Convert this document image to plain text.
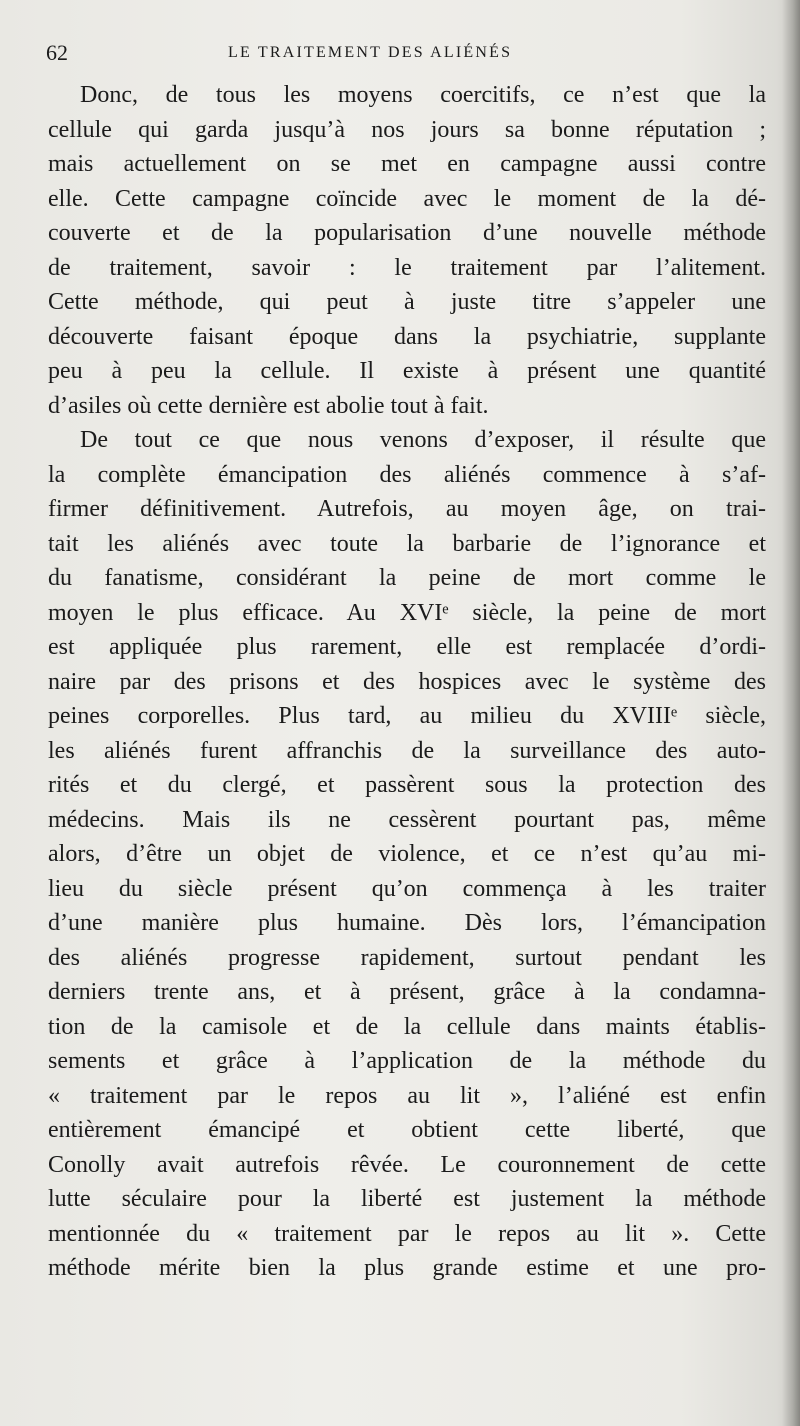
62	LE TRAITEMENT DES ALIÉNÉS
Donc, de tous les moyens coercitifs, ce n’est que la
cellule qui garda jusqu’à nos jours sa bonne réputation ;
mais actuellement on se met en campagne aussi contre
elle. Cette campagne coïncide avec le moment de la dé-
couverte et de la popularisation d’une nouvelle méthode
de traitement, savoir : le traitement par l’alitement.
Cette méthode, qui peut à juste titre s’appeler une
découverte faisant époque dans la psychiatrie, supplante
peu à peu la cellule. Il existe à présent une quantité
d’asiles où cette dernière est abolie tout à fait.
De tout ce que nous venons d’exposer, il résulte que
la complète émancipation des aliénés commence à s’af-
firmer définitivement. Autrefois, au moyen âge, on trai-
tait les aliénés avec toute la barbarie de l’ignorance et
du fanatisme, considérant la peine de mort comme le
moyen le plus efficace. Au XVIᵉ siècle, la peine de mort
est appliquée plus rarement, elle est remplacée d’ordi-
naire par des prisons et des hospices avec le système des
peines corporelles. Plus tard, au milieu du XVIIIᵉ siècle,
les aliénés furent affranchis de la surveillance des auto-
rités et du clergé, et passèrent sous la protection des
médecins. Mais ils ne cessèrent pourtant pas, même
alors, d’être un objet de violence, et ce n’est qu’au mi-
lieu du siècle présent qu’on commença à les traiter
d’une manière plus humaine. Dès lors, l’émancipation
des aliénés progresse rapidement, surtout pendant les
derniers trente ans, et à présent, grâce à la condamna-
tion de la camisole et de la cellule dans maints établis-
sements et grâce à l’application de la méthode du
« traitement par le repos au lit », l’aliéné est enfin
entièrement émancipé et obtient cette liberté, que
Conolly avait autrefois rêvée. Le couronnement de cette
lutte séculaire pour la liberté est justement la méthode
mentionnée du « traitement par le repos au lit ». Cette
méthode mérite bien la plus grande estime et une pro-
